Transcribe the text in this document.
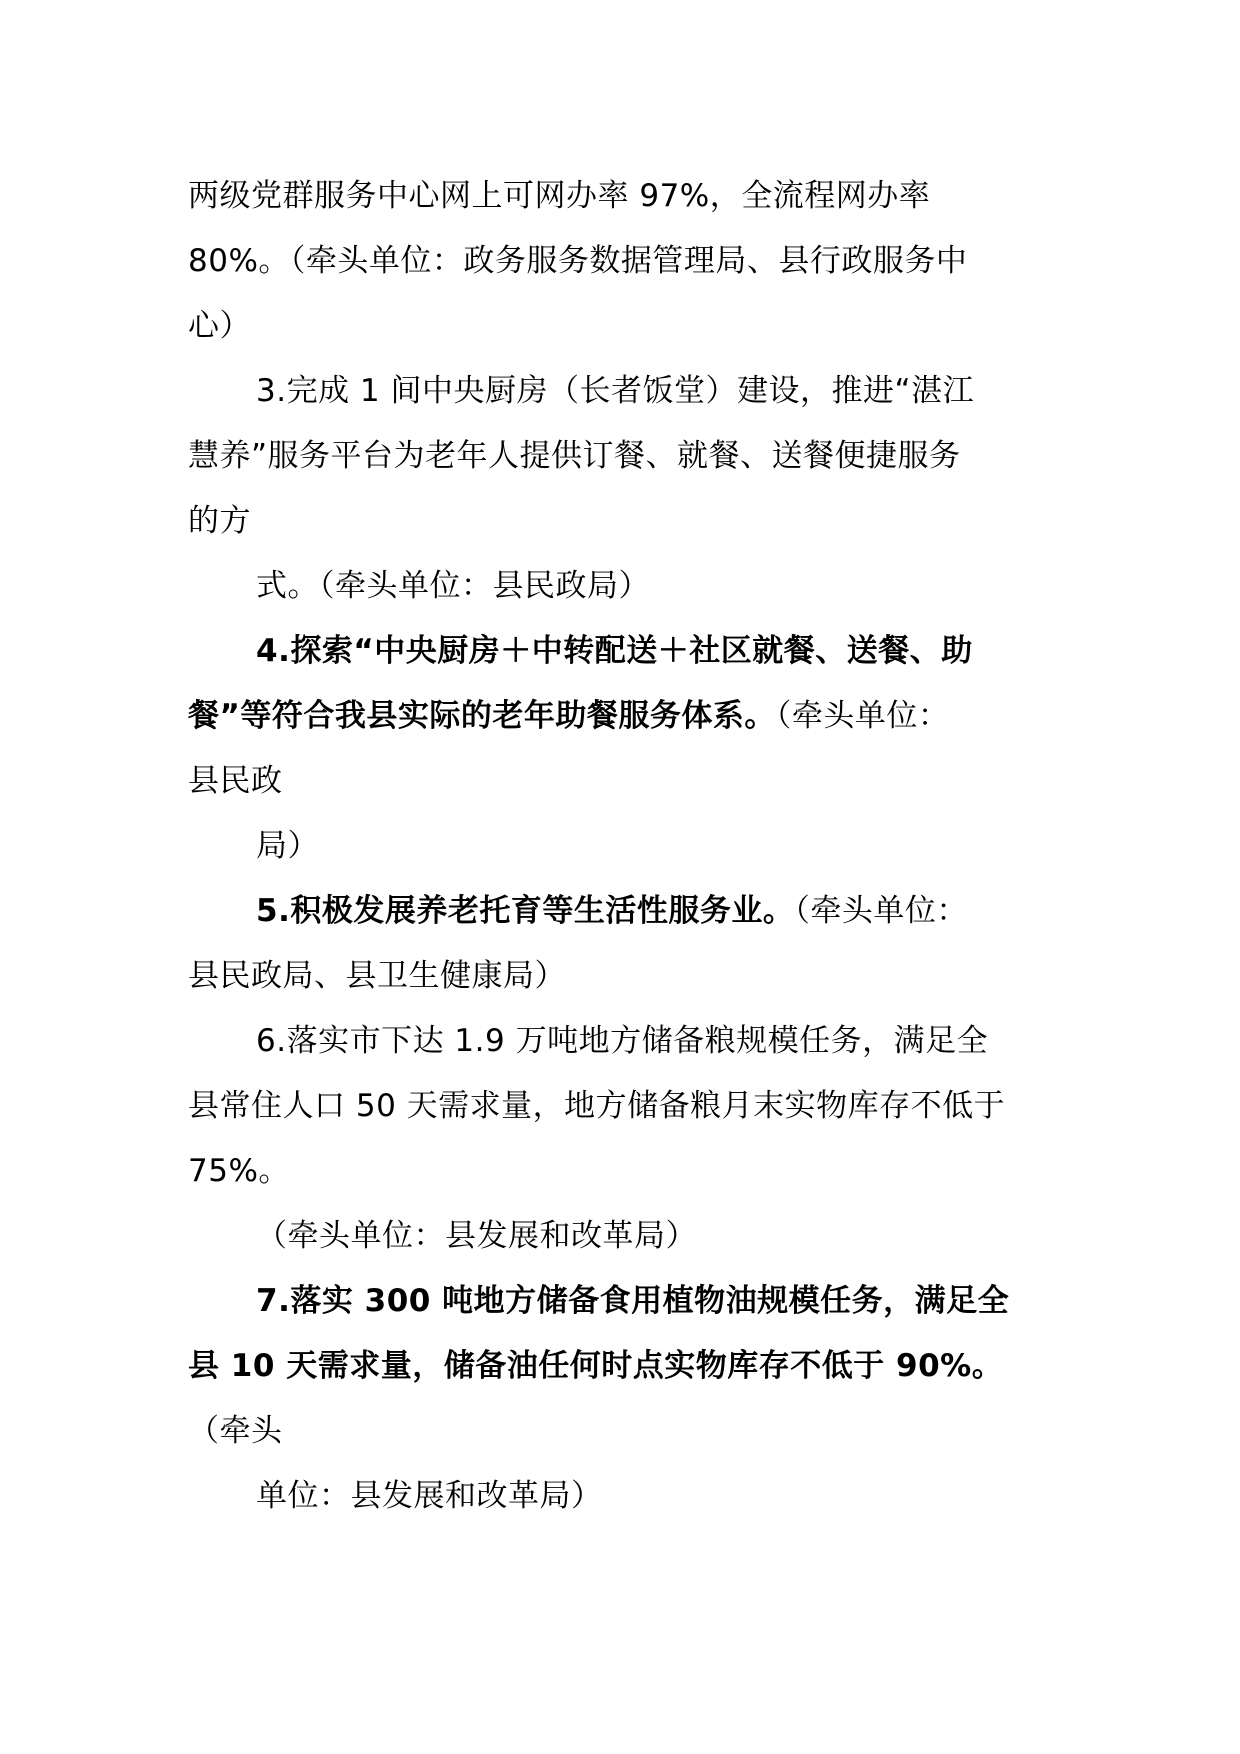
两级党群服务中心网上可网办率 97%，全流程网办率
80%。（牵头单位：政务服务数据管理局、县行政服务中
心）
3.完成 1 间中央厨房（长者饭堂）建设，推进“湛江
慧养”服务平台为老年人提供订餐、就餐、送餐便捷服务
的方
式。（牵头单位：县民政局）
4.探索“中央厨房＋中转配送＋社区就餐、送餐、助
餐”等符合我县实际的老年助餐服务体系。（牵头单位：
县民政
局）
5.积极发展养老托育等生活性服务业。（牵头单位：
县民政局、县卫生健康局）
6.落实市下达 1.9 万吨地方储备粮规模任务，满足全
县常住人口 50 天需求量，地方储备粮月末实物库存不低于
75%。
（牵头单位：县发展和改革局）
7.落实 300 吨地方储备食用植物油规模任务，满足全
县 10 天需求量，储备油任何时点实物库存不低于 90%。
（牵头
单位：县发展和改革局）
